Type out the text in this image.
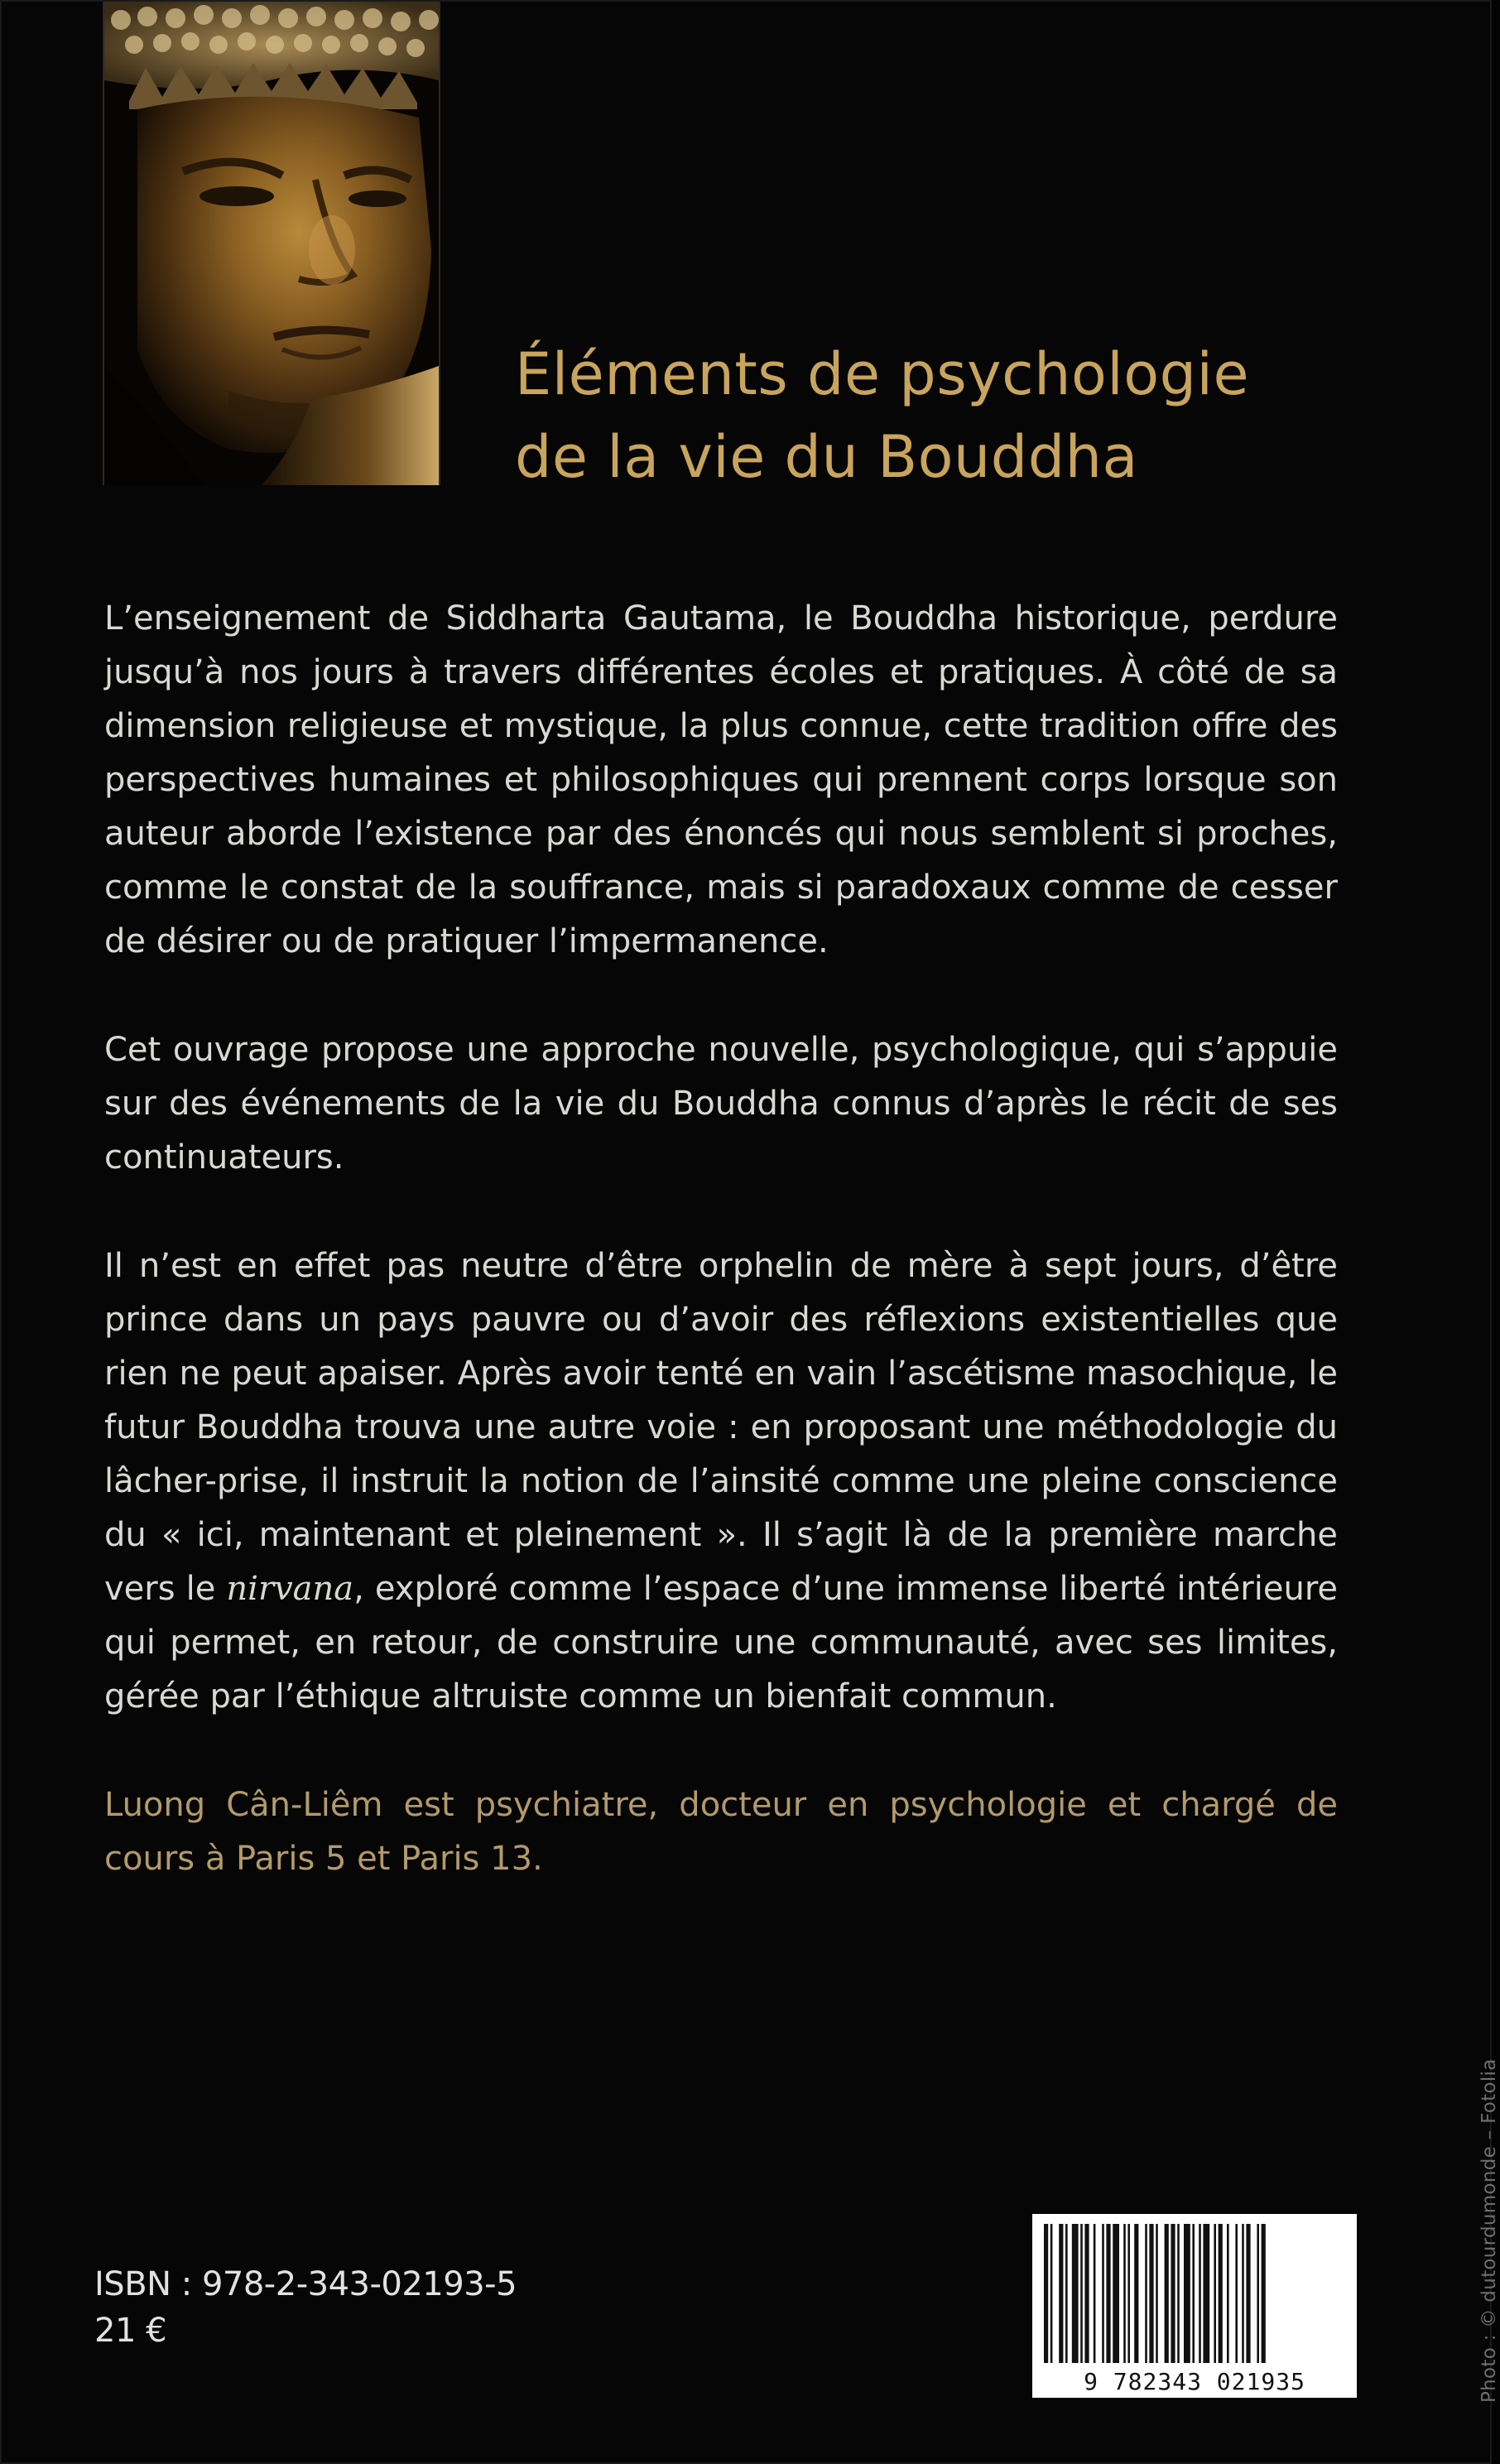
Éléments de psychologie
de la vie du Bouddha

L’enseignement de Siddharta Gautama, le Bouddha historique, perdure jusqu’à nos jours à travers différentes écoles et pratiques. À côté de sa dimension religieuse et mystique, la plus connue, cette tradition offre des perspectives humaines et philosophiques qui prennent corps lorsque son auteur aborde l’existence par des énoncés qui nous semblent si proches, comme le constat de la souffrance, mais si paradoxaux comme de cesser de désirer ou de pratiquer l’impermanence.

Cet ouvrage propose une approche nouvelle, psychologique, qui s’appuie sur des événements de la vie du Bouddha connus d’après le récit de ses continuateurs.

Il n’est en effet pas neutre d’être orphelin de mère à sept jours, d’être prince dans un pays pauvre ou d’avoir des réflexions existentielles que rien ne peut apaiser. Après avoir tenté en vain l’ascétisme masochique, le futur Bouddha trouva une autre voie : en proposant une méthodologie du lâcher-prise, il instruit la notion de l’ainsité comme une pleine conscience du « ici, maintenant et pleinement ». Il s’agit là de la première marche vers le nirvana, exploré comme l’espace d’une immense liberté intérieure qui permet, en retour, de construire une communauté, avec ses limites, gérée par l’éthique altruiste comme un bienfait commun.

Luong Cân-Liêm est psychiatre, docteur en psychologie et chargé de cours à Paris 5 et Paris 13.

ISBN : 978-2-343-02193-5
21 €
9 782343 021935	Photo : © dutourdumonde – Fotolia
